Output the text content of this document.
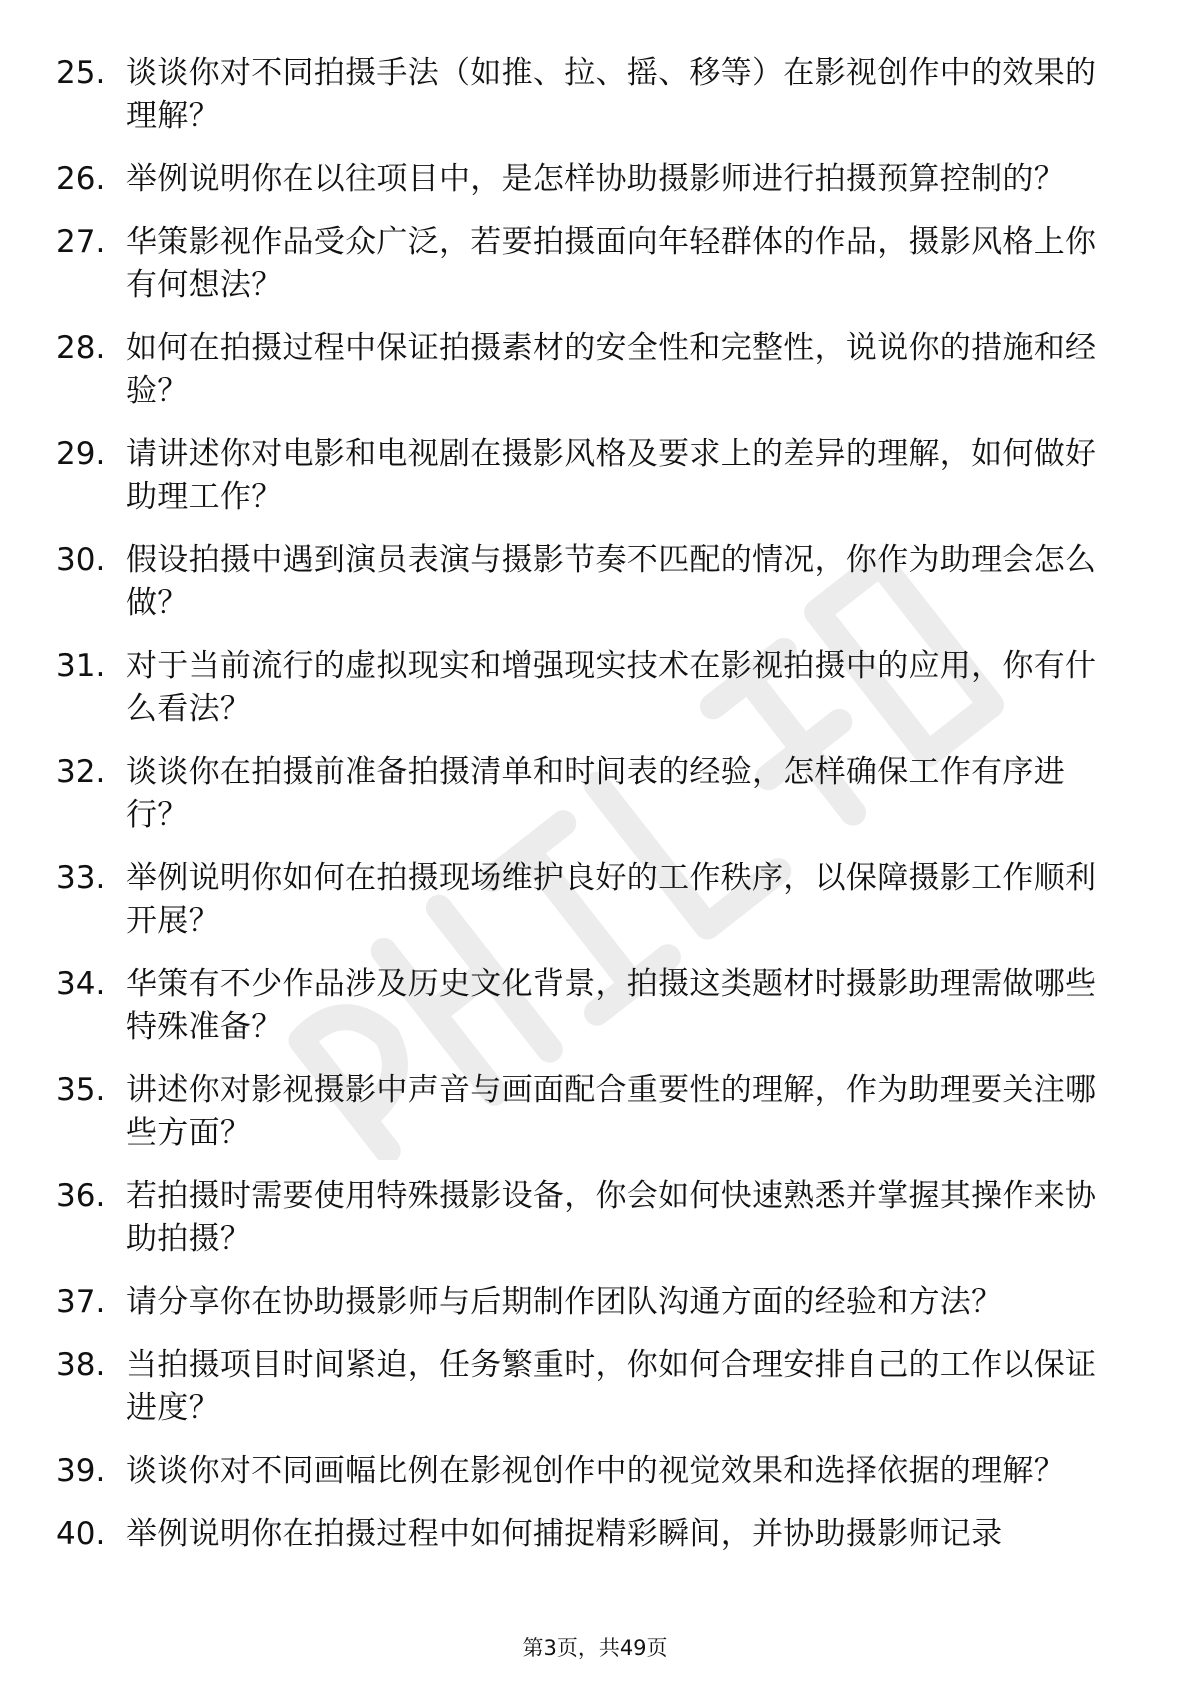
25. 谈谈你对不同拍摄手法（如推、拉、摇、移等）在影视创作中的效果的理解？
26. 举例说明你在以往项目中，是怎样协助摄影师进行拍摄预算控制的？
27. 华策影视作品受众广泛，若要拍摄面向年轻群体的作品，摄影风格上你有何想法？
28. 如何在拍摄过程中保证拍摄素材的安全性和完整性，说说你的措施和经验？
29. 请讲述你对电影和电视剧在摄影风格及要求上的差异的理解，如何做好助理工作？
30. 假设拍摄中遇到演员表演与摄影节奏不匹配的情况，你作为助理会怎么做？
31. 对于当前流行的虚拟现实和增强现实技术在影视拍摄中的应用，你有什么看法？
32. 谈谈你在拍摄前准备拍摄清单和时间表的经验，怎样确保工作有序进行？
33. 举例说明你如何在拍摄现场维护良好的工作秩序，以保障摄影工作顺利开展？
34. 华策有不少作品涉及历史文化背景，拍摄这类题材时摄影助理需做哪些特殊准备？
35. 讲述你对影视摄影中声音与画面配合重要性的理解，作为助理要关注哪些方面？
36. 若拍摄时需要使用特殊摄影设备，你会如何快速熟悉并掌握其操作来协助拍摄？
37. 请分享你在协助摄影师与后期制作团队沟通方面的经验和方法？
38. 当拍摄项目时间紧迫，任务繁重时，你如何合理安排自己的工作以保证进度？
39. 谈谈你对不同画幅比例在影视创作中的视觉效果和选择依据的理解？
40. 举例说明你在拍摄过程中如何捕捉精彩瞬间，并协助摄影师记录
第3页，共49页
